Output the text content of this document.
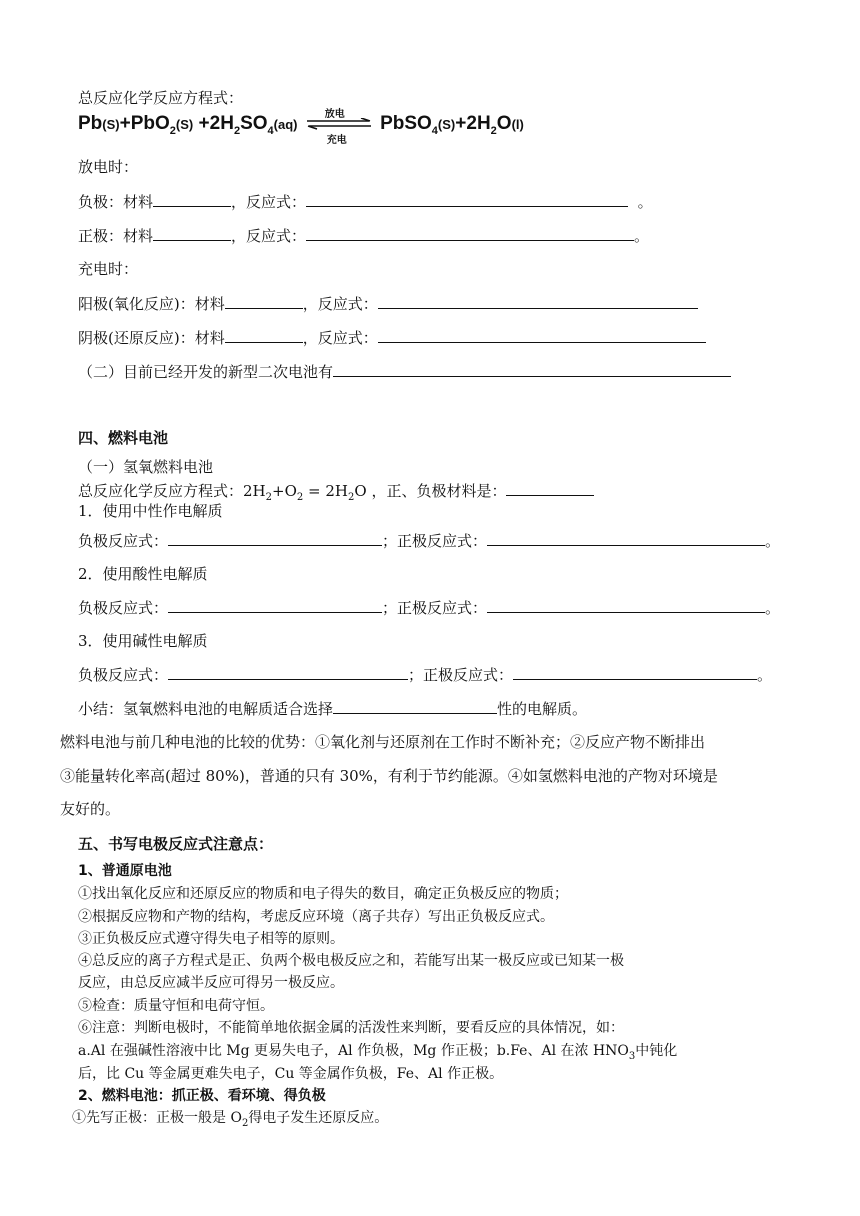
总反应化学反应方程式：
$Pb(S)+PbO_2(S) +2H_2SO_4(aq)$
放电
充电
$PbSO_4(S)+2H_2O(l)$
放电时：
负极：材料	，反应式：	。
正极：材料	，反应式：	。
充电时：
阳极(氧化反应)：材料	，反应式：
阴极(还原反应)：材料	，反应式：
（二）目前已经开发的新型二次电池有
四、燃料电池
（一）氢氧燃料电池
总反应化学反应方程式：$2H_2+O_2 = 2H_2O$ ，正、负极材料是：
1．使用中性作电解质
负极反应式：	；正极反应式：	。
2．使用酸性电解质
负极反应式：	；正极反应式：	。
3．使用碱性电解质
负极反应式：	；正极反应式：	。
小结：氢氧燃料电池的电解质适合选择	性的电解质。
燃料电池与前几种电池的比较的优势：①氧化剂与还原剂在工作时不断补充；②反应产物不断排出
③能量转化率高(超过 80%)，普通的只有 30%，有利于节约能源。④如氢燃料电池的产物对环境是
友好的。
五、书写电极反应式注意点：
1、普通原电池
①找出氧化反应和还原反应的物质和电子得失的数目，确定正负极反应的物质；
②根据反应物和产物的结构，考虑反应环境（离子共存）写出正负极反应式。
③正负极反应式遵守得失电子相等的原则。
④总反应的离子方程式是正、负两个极电极反应之和，若能写出某一极反应或已知某一极
反应，由总反应减半反应可得另一极反应。
⑤检查：质量守恒和电荷守恒。
⑥注意：判断电极时，不能简单地依据金属的活泼性来判断，要看反应的具体情况，如：
a.Al 在强碱性溶液中比 Mg 更易失电子，Al 作负极，Mg 作正极；b.Fe、Al 在浓 $HNO_3$中钝化
后，比 Cu 等金属更难失电子，Cu 等金属作负极，Fe、Al 作正极。
2、燃料电池：抓正极、看环境、得负极
①先写正极：正极一般是 $O_2$得电子发生还原反应。
